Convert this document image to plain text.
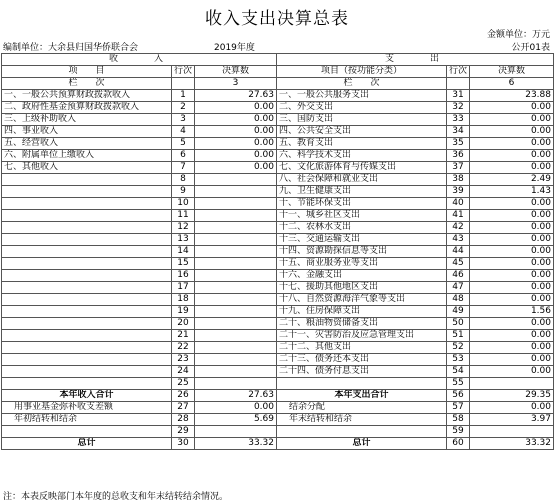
收入支出决算总表
金额单位：万元
编制单位：大余县归国华侨联合会	2019年度	公开01表
收　　入			支　　出		
项　　目	行次	决算数	项目（按功能分类）	行次	决算数
栏　　次		3	栏　　次		6
一、一般公共预算财政拨款收入	1	27.63	一、一般公共服务支出	31	23.88
二、政府性基金预算财政拨款收入	2	0.00	二、外交支出	32	0.00
三、上级补助收入	3	0.00	三、国防支出	33	0.00
四、事业收入	4	0.00	四、公共安全支出	34	0.00
五、经营收入	5	0.00	五、教育支出	35	0.00
六、附属单位上缴收入	6	0.00	六、科学技术支出	36	0.00
七、其他收入	7	0.00	七、文化旅游体育与传媒支出	37	0.00
	8		八、社会保障和就业支出	38	2.49
	9		九、卫生健康支出	39	1.43
	10		十、节能环保支出	40	0.00
	11		十一、城乡社区支出	41	0.00
	12		十二、农林水支出	42	0.00
	13		十三、交通运输支出	43	0.00
	14		十四、资源勘探信息等支出	44	0.00
	15		十五、商业服务业等支出	45	0.00
	16		十六、金融支出	46	0.00
	17		十七、援助其他地区支出	47	0.00
	18		十八、自然资源海洋气象等支出	48	0.00
	19		十九、住房保障支出	49	1.56
	20		二十、粮油物资储备支出	50	0.00
	21		二十一、灾害防治及应急管理支出	51	0.00
	22		二十二、其他支出	52	0.00
	23		二十三、债务还本支出	53	0.00
	24		二十四、债务付息支出	54	0.00
	25			55	
本年收入合计	26	27.63	本年支出合计	56	29.35
用事业基金弥补收支差额	27	0.00	结余分配	57	0.00
年初结转和结余	28	5.69	年末结转和结余	58	3.97
	29			59	
总计	30	33.32	总计	60	33.32
注：本表反映部门本年度的总收支和年末结转结余情况。
